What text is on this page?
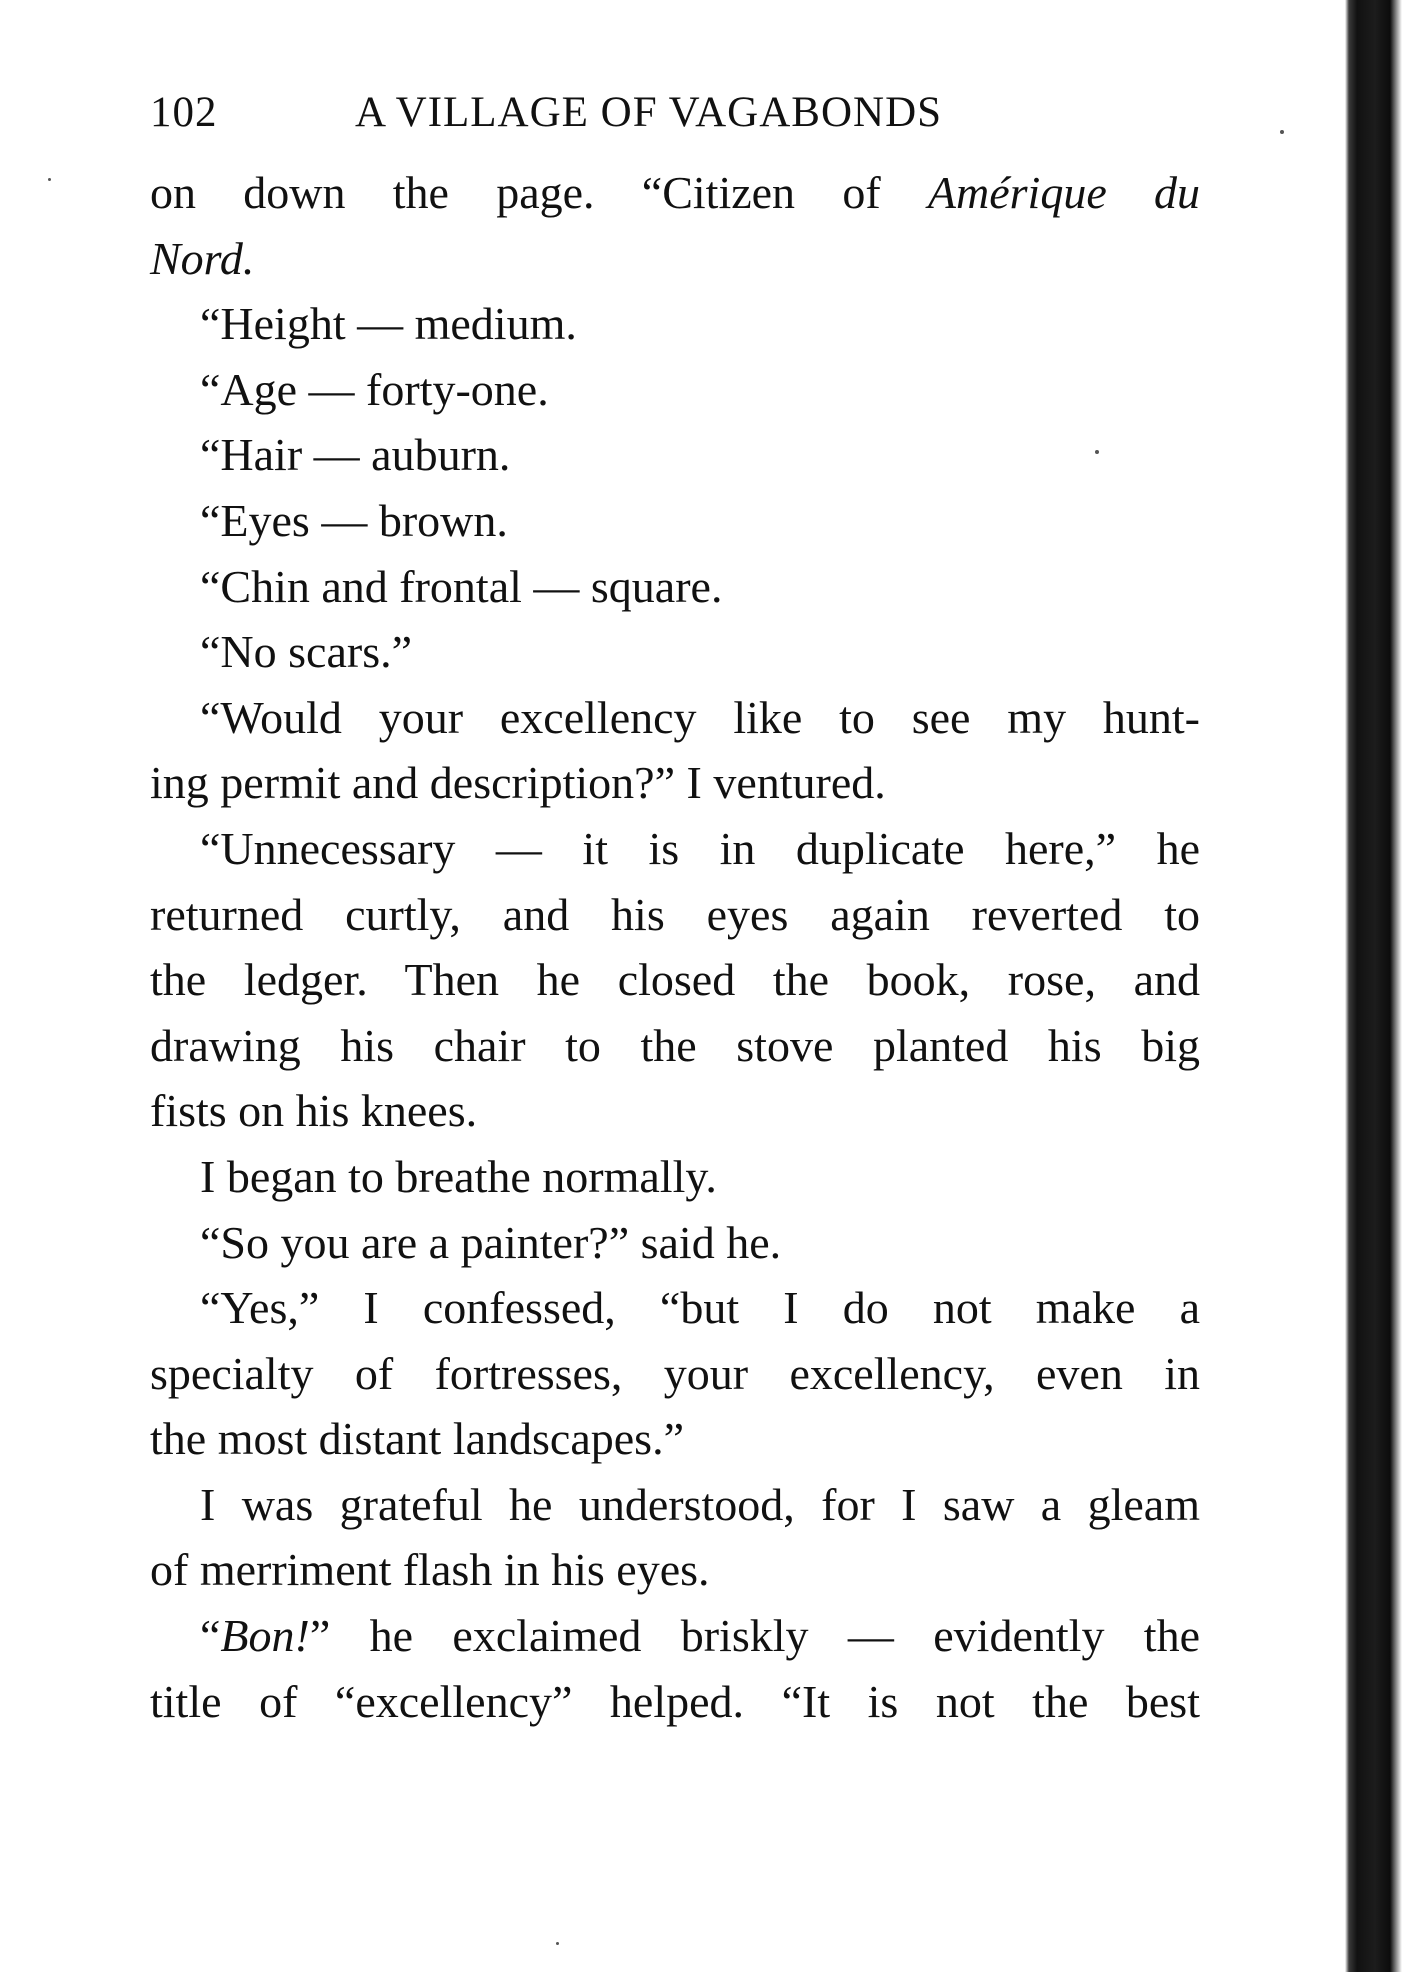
102	A VILLAGE OF VAGABONDS

on down the page. “Citizen of Amérique du
Nord.

“Height — medium.

“Age — forty-one.

“Hair — auburn.

“Eyes — brown.

“Chin and frontal — square.

“No scars.”

“Would your excellency like to see my hunt-
ing permit and description?” I ventured.

“Unnecessary — it is in duplicate here,” he
returned curtly, and his eyes again reverted to
the ledger. Then he closed the book, rose, and
drawing his chair to the stove planted his big
fists on his knees.

I began to breathe normally.

“So you are a painter?” said he.

“Yes,” I confessed, “but I do not make a
specialty of fortresses, your excellency, even in
the most distant landscapes.”

I was grateful he understood, for I saw a gleam
of merriment flash in his eyes.

“Bon!” he exclaimed briskly — evidently the
title of “excellency” helped. “It is not the best
